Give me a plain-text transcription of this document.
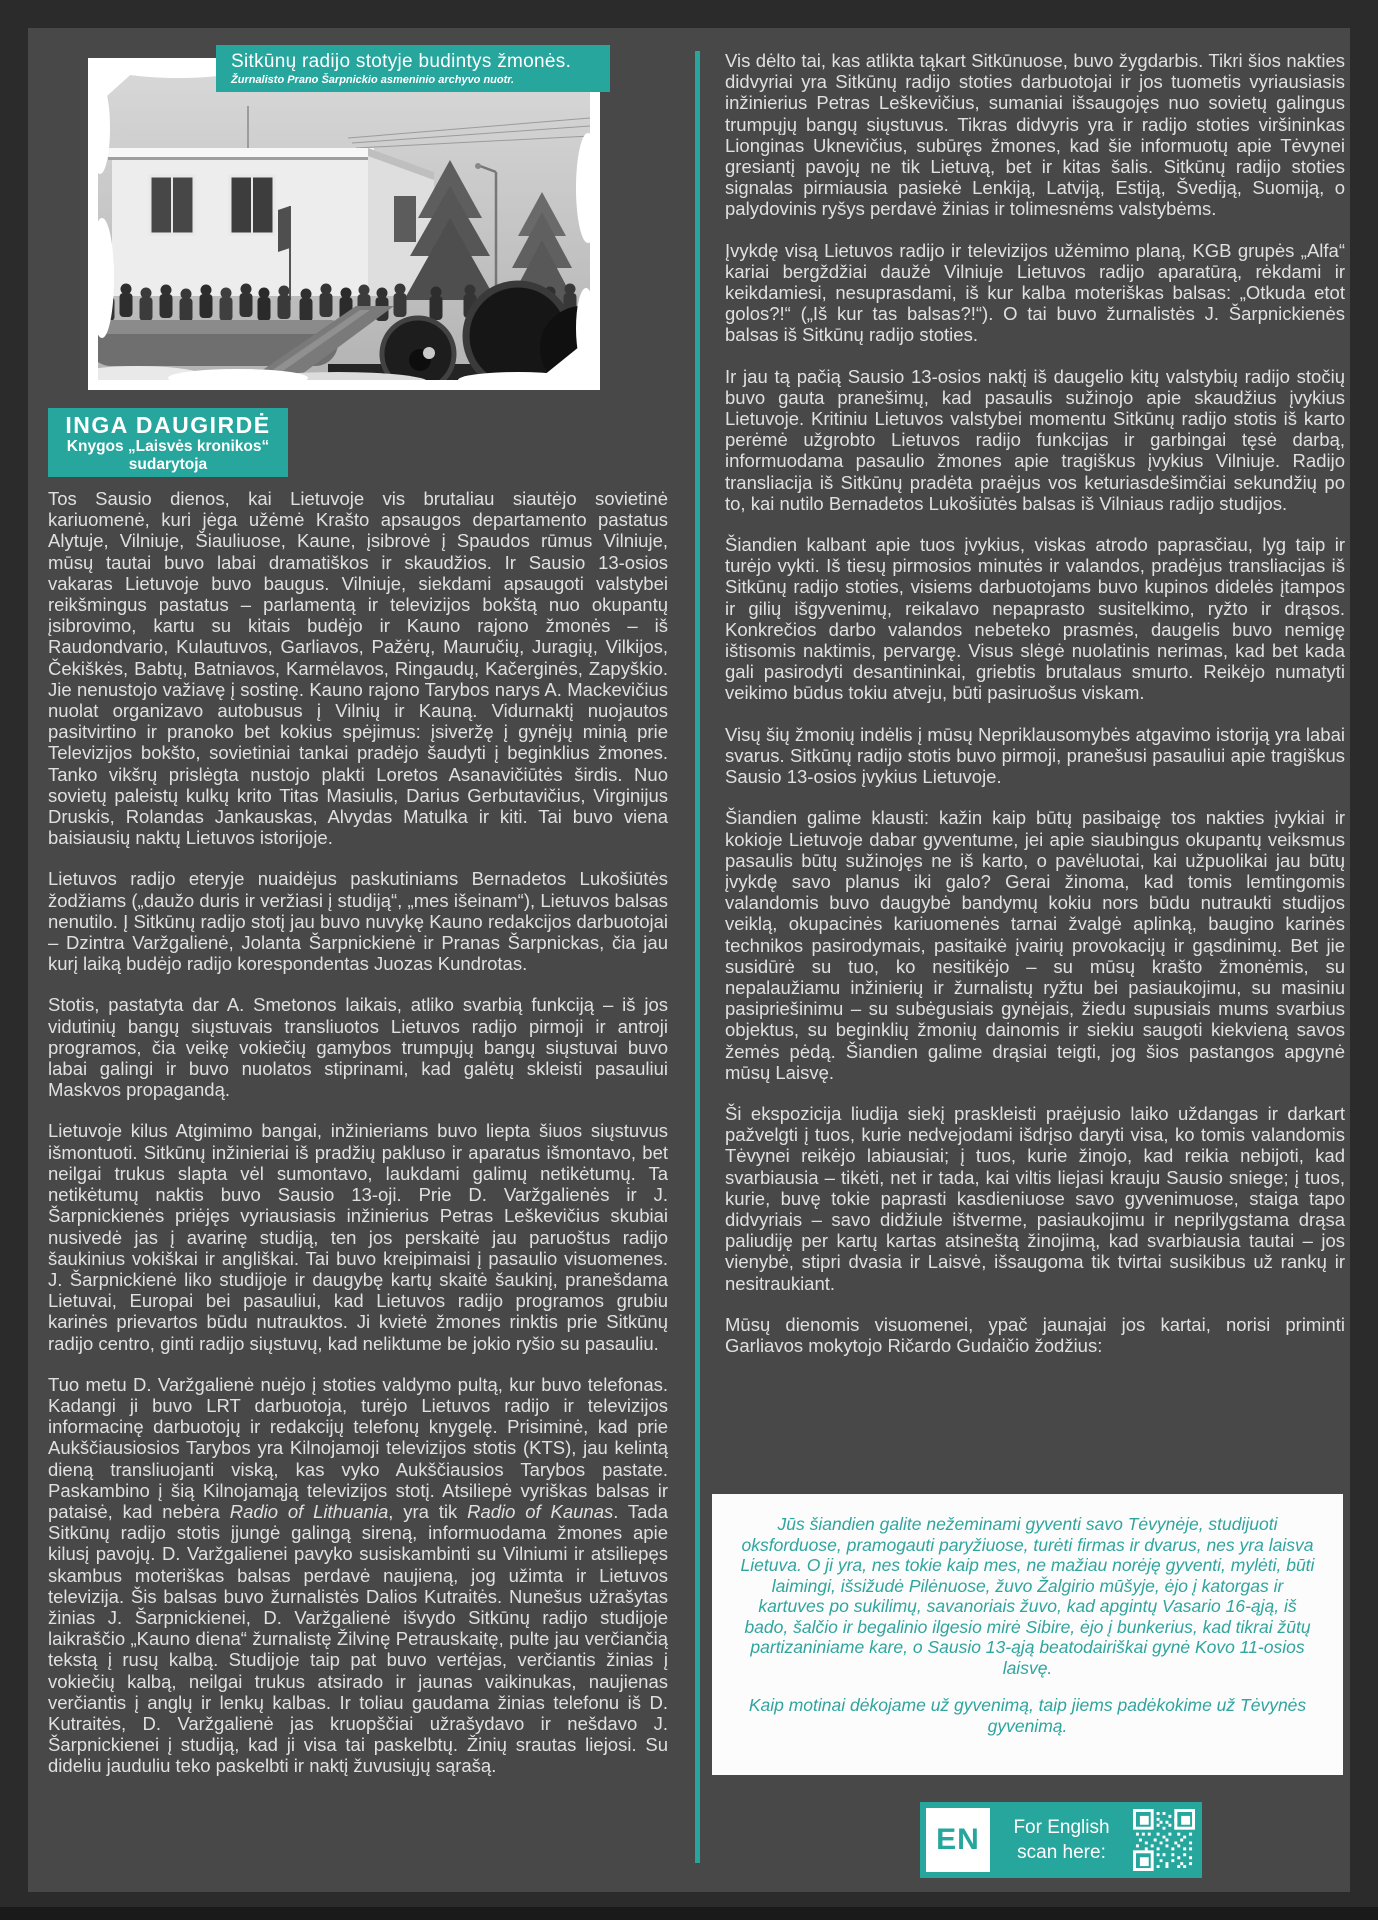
Sitkūnų radijo stotyje budintys žmonės.
Žurnalisto Prano Šarpnickio asmeninio archyvo nuotr.
INGA DAUGIRDĖ
Knygos „Laisvės kronikos“
sudarytoja

Tos Sausio dienos, kai Lietuvoje vis brutaliau siautėjo sovietinė kariuomenė, kuri jėga užėmė Krašto apsaugos departamento pastatus Alytuje, Vilniuje, Šiauliuose, Kaune, įsibrovė į Spaudos rūmus Vilniuje, mūsų tautai buvo labai dramatiškos ir skaudžios. Ir Sausio 13-osios vakaras Lietuvoje buvo baugus. Vilniuje, siekdami apsaugoti valstybei reikšmingus pastatus – parlamentą ir televizijos bokštą nuo okupantų įsibrovimo, kartu su kitais budėjo ir Kauno rajono žmonės – iš Raudondvario, Kulautuvos, Garliavos, Pažėrų, Mauručių, Juragių, Vilkijos, Čekiškės, Babtų, Batniavos, Karmėlavos, Ringaudų, Kačerginės, Zapyškio. Jie nenustojo važiavę į sostinę. Kauno rajono Tarybos narys A. Mackevičius nuolat organizavo autobusus į Vilnių ir Kauną. Vidurnaktį nuojautos pasitvirtino ir pranoko bet kokius spėjimus: įsiveržę į gynėjų minią prie Televizijos bokšto, sovietiniai tankai pradėjo šaudyti į beginklius žmones. Tanko vikšrų prislėgta nustojo plakti Loretos Asanavičiūtės širdis. Nuo sovietų paleistų kulkų krito Titas Masiulis, Darius Gerbutavičius, Virginijus Druskis, Rolandas Jankauskas, Alvydas Matulka ir kiti. Tai buvo viena baisiausių naktų Lietuvos istorijoje.

Lietuvos radijo eteryje nuaidėjus paskutiniams Bernadetos Lukošiūtės žodžiams („daužo duris ir veržiasi į studiją“, „mes išeinam“), Lietuvos balsas nenutilo. Į Sitkūnų radijo stotį jau buvo nuvykę Kauno redakcijos darbuotojai – Dzintra Varžgalienė, Jolanta Šarpnickienė ir Pranas Šarpnickas, čia jau kurį laiką budėjo radijo korespondentas Juozas Kundrotas.

Stotis, pastatyta dar A. Smetonos laikais, atliko svarbią funkciją – iš jos vidutinių bangų siųstuvais transliuotos Lietuvos radijo pirmoji ir antroji programos, čia veikę vokiečių gamybos trumpųjų bangų siųstuvai buvo labai galingi ir buvo nuolatos stiprinami, kad galėtų skleisti pasauliui Maskvos propagandą.

Lietuvoje kilus Atgimimo bangai, inžinieriams buvo liepta šiuos siųstuvus išmontuoti. Sitkūnų inžinieriai iš pradžių pakluso ir aparatus išmontavo, bet neilgai trukus slapta vėl sumontavo, laukdami galimų netikėtumų. Ta netikėtumų naktis buvo Sausio 13-oji. Prie D. Varžgalienės ir J. Šarpnickienės priėjęs vyriausiasis inžinierius Petras Leškevičius skubiai nusivedė jas į avarinę studiją, ten jos perskaitė jau paruoštus radijo šaukinius vokiškai ir angliškai. Tai buvo kreipimaisi į pasaulio visuomenes. J. Šarpnickienė liko studijoje ir daugybę kartų skaitė šaukinį, pranešdama Lietuvai, Europai bei pasauliui, kad Lietuvos radijo programos grubiu karinės prievartos būdu nutrauktos. Ji kvietė žmones rinktis prie Sitkūnų radijo centro, ginti radijo siųstuvų, kad neliktume be jokio ryšio su pasauliu.

Tuo metu D. Varžgalienė nuėjo į stoties valdymo pultą, kur buvo telefonas. Kadangi ji buvo LRT darbuotoja, turėjo Lietuvos radijo ir televizijos informacinę darbuotojų ir redakcijų telefonų knygelę. Prisiminė, kad prie Aukščiausiosios Tarybos yra Kilnojamoji televizijos stotis (KTS), jau kelintą dieną transliuojanti viską, kas vyko Aukščiausios Tarybos pastate. Paskambino į šią Kilnojamąją televizijos stotį. Atsiliepė vyriškas balsas ir pataisė, kad nebėra Radio of Lithuania, yra tik Radio of Kaunas. Tada Sitkūnų radijo stotis įjungė galingą sireną, informuodama žmones apie kilusį pavojų. D. Varžgalienei pavyko susiskambinti su Vilniumi ir atsiliepęs skambus moteriškas balsas perdavė naujieną, jog užimta ir Lietuvos televizija. Šis balsas buvo žurnalistės Dalios Kutraitės. Nunešus užrašytas žinias J. Šarpnickienei, D. Varžgalienė išvydo Sitkūnų radijo studijoje laikraščio „Kauno diena“ žurnalistę Žilvinę Petrauskaitę, pulte jau verčiančią tekstą į rusų kalbą. Studijoje taip pat buvo vertėjas, verčiantis žinias į vokiečių kalbą, neilgai trukus atsirado ir jaunas vaikinukas, naujienas verčiantis į anglų ir lenkų kalbas. Ir toliau gaudama žinias telefonu iš D. Kutraitės, D. Varžgalienė jas kruopščiai užrašydavo ir nešdavo J. Šarpnickienei į studiją, kad ji visa tai paskelbtų. Žinių srautas liejosi. Su dideliu jauduliu teko paskelbti ir naktį žuvusiųjų sąrašą.

Vis dėlto tai, kas atlikta tąkart Sitkūnuose, buvo žygdarbis. Tikri šios nakties didvyriai yra Sitkūnų radijo stoties darbuotojai ir jos tuometis vyriausiasis inžinierius Petras Leškevičius, sumaniai išsaugojęs nuo sovietų galingus trumpųjų bangų siųstuvus. Tikras didvyris yra ir radijo stoties viršininkas Lionginas Uknevičius, subūręs žmones, kad šie informuotų apie Tėvynei gresiantį pavojų ne tik Lietuvą, bet ir kitas šalis. Sitkūnų radijo stoties signalas pirmiausia pasiekė Lenkiją, Latviją, Estiją, Švediją, Suomiją, o palydovinis ryšys perdavė žinias ir tolimesnėms valstybėms.

Įvykdę visą Lietuvos radijo ir televizijos užėmimo planą, KGB grupės „Alfa“ kariai bergždžiai daužė Vilniuje Lietuvos radijo aparatūrą, rėkdami ir keikdamiesi, nesuprasdami, iš kur kalba moteriškas balsas: „Otkuda etot golos?!“ („Iš kur tas balsas?!“). O tai buvo žurnalistės J. Šarpnickienės balsas iš Sitkūnų radijo stoties.

Ir jau tą pačią Sausio 13-osios naktį iš daugelio kitų valstybių radijo stočių buvo gauta pranešimų, kad pasaulis sužinojo apie skaudžius įvykius Lietuvoje. Kritiniu Lietuvos valstybei momentu Sitkūnų radijo stotis iš karto perėmė užgrobto Lietuvos radijo funkcijas ir garbingai tęsė darbą, informuodama pasaulio žmones apie tragiškus įvykius Vilniuje. Radijo transliacija iš Sitkūnų pradėta praėjus vos keturiasdešimčiai sekundžių po to, kai nutilo Bernadetos Lukošiūtės balsas iš Vilniaus radijo studijos.

Šiandien kalbant apie tuos įvykius, viskas atrodo paprasčiau, lyg taip ir turėjo vykti. Iš tiesų pirmosios minutės ir valandos, pradėjus transliacijas iš Sitkūnų radijo stoties, visiems darbuotojams buvo kupinos didelės įtampos ir gilių išgyvenimų, reikalavo nepaprasto susitelkimo, ryžto ir drąsos. Konkrečios darbo valandos nebeteko prasmės, daugelis buvo nemigę ištisomis naktimis, pervargę. Visus slėgė nuolatinis nerimas, kad bet kada gali pasirodyti desantininkai, griebtis brutalaus smurto. Reikėjo numatyti veikimo būdus tokiu atveju, būti pasiruošus viskam.

Visų šių žmonių indėlis į mūsų Nepriklausomybės atgavimo istoriją yra labai svarus. Sitkūnų radijo stotis buvo pirmoji, pranešusi pasauliui apie tragiškus Sausio 13-osios įvykius Lietuvoje.

Šiandien galime klausti: kažin kaip būtų pasibaigę tos nakties įvykiai ir kokioje Lietuvoje dabar gyventume, jei apie siaubingus okupantų veiksmus pasaulis būtų sužinojęs ne iš karto, o pavėluotai, kai užpuolikai jau būtų įvykdę savo planus iki galo? Gerai žinoma, kad tomis lemtingomis valandomis buvo daugybė bandymų kokiu nors būdu nutraukti studijos veiklą, okupacinės kariuomenės tarnai žvalgė aplinką, baugino karinės technikos pasirodymais, pasitaikė įvairių provokacijų ir gąsdinimų. Bet jie susidūrė su tuo, ko nesitikėjo – su mūsų krašto žmonėmis, su nepalaužiamu inžinierių ir žurnalistų ryžtu bei pasiaukojimu, su masiniu pasipriešinimu – su subėgusiais gynėjais, žiedu supusiais mums svarbius objektus, su beginklių žmonių dainomis ir siekiu saugoti kiekvieną savos žemės pėdą. Šiandien galime drąsiai teigti, jog šios pastangos apgynė mūsų Laisvę.

Ši ekspozicija liudija siekį praskleisti praėjusio laiko uždangas ir darkart pažvelgti į tuos, kurie nedvejodami išdrįso daryti visa, ko tomis valandomis Tėvynei reikėjo labiausiai; į tuos, kurie žinojo, kad reikia nebijoti, kad svarbiausia – tikėti, net ir tada, kai viltis liejasi krauju Sausio sniege; į tuos, kurie, buvę tokie paprasti kasdieniuose savo gyvenimuose, staiga tapo didvyriais – savo didžiule ištverme, pasiaukojimu ir neprilygstama drąsa paliudiję per kartų kartas atsineštą žinojimą, kad svarbiausia tautai – jos vienybė, stipri dvasia ir Laisvė, išsaugoma tik tvirtai susikibus už rankų ir nesitraukiant.

Mūsų dienomis visuomenei, ypač jaunajai jos kartai, norisi priminti Garliavos mokytojo Ričardo Gudaičio žodžius:

Jūs šiandien galite nežeminami gyventi savo Tėvynėje, studijuoti oksforduose, pramogauti paryžiuose, turėti firmas ir dvarus, nes yra laisva Lietuva. O ji yra, nes tokie kaip mes, ne mažiau norėję gyventi, mylėti, būti laimingi, išsižudė Pilėnuose, žuvo Žalgirio mūšyje, ėjo į katorgas ir kartuves po sukilimų, savanoriais žuvo, kad apgintų Vasario 16-ąją, iš bado, šalčio ir begalinio ilgesio mirė Sibire, ėjo į bunkerius, kad tikrai žūtų partizaniniame kare, o Sausio 13-ąją beatodairiškai gynė Kovo 11-osios laisvę.

Kaip motinai dėkojame už gyvenimą, taip jiems padėkokime už Tėvynės gyvenimą.

EN	For English
scan here:
